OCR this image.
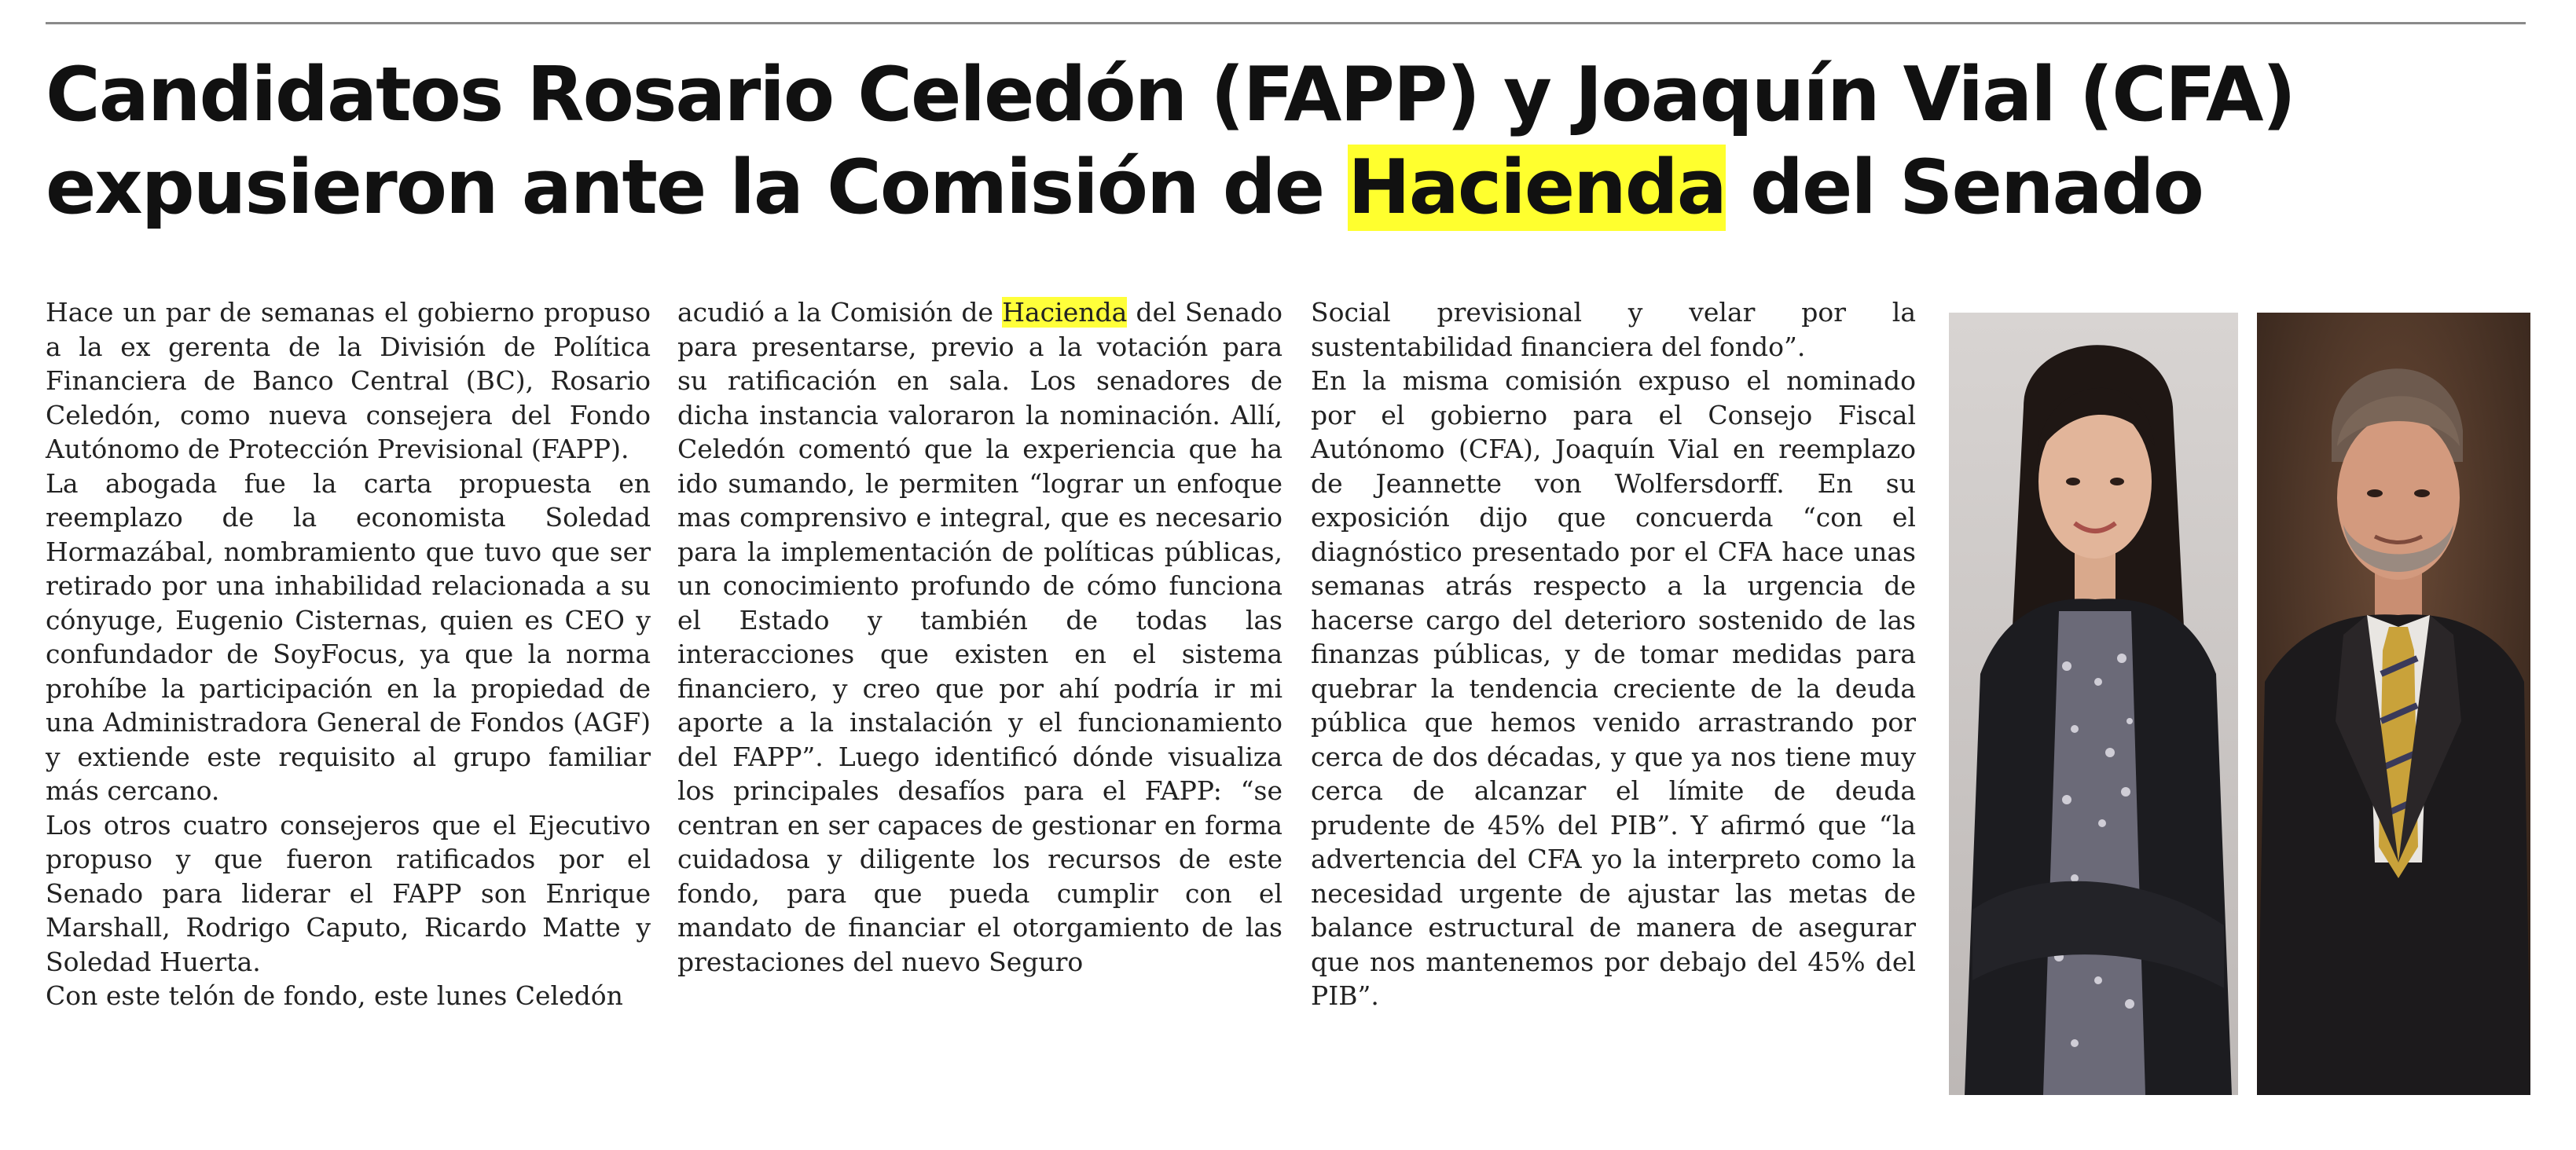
Candidatos Rosario Celedón (FAPP) y Joaquín Vial (CFA)
expusieron ante la Comisión de Hacienda del Senado

Hace un par de semanas el gobierno propuso a la ex gerenta de la División de Política Financiera de Banco Central (BC), Rosario Celedón, como nueva consejera del Fondo Autónomo de Protección Previsional (FAPP).

La abogada fue la carta propuesta en reemplazo de la economista Soledad Hormazábal, nombramiento que tuvo que ser retirado por una inhabilidad relacionada a su cónyuge, Eugenio Cisternas, quien es CEO y confundador de SoyFocus, ya que la norma prohíbe la participación en la propiedad de una Administradora General de Fondos (AGF) y extiende este requisito al grupo familiar más cercano.

Los otros cuatro consejeros que el Ejecutivo propuso y que fueron ratificados por el Senado para liderar el FAPP son Enrique Marshall, Rodrigo Caputo, Ricardo Matte y Soledad Huerta.

Con este telón de fondo, este lunes Celedón

acudió a la Comisión de Hacienda del Senado para presentarse, previo a la votación para su ratificación en sala. Los senadores de dicha instancia valoraron la nominación. Allí, Celedón comentó que la experiencia que ha ido sumando, le permiten “lograr un enfoque mas comprensivo e integral, que es necesario para la implementación de políticas públicas, un conocimiento profundo de cómo funciona el Estado y también de todas las interacciones que existen en el sistema financiero, y creo que por ahí podría ir mi aporte a la instalación y el funcionamiento del FAPP”. Luego identificó dónde visualiza los principales desafíos para el FAPP: “se centran en ser capaces de gestionar en forma cuidadosa y diligente los recursos de este fondo, para que pueda cumplir con el mandato de financiar el otorgamiento de las prestaciones del nuevo Seguro

Social previsional y velar por la sustentabilidad financiera del fondo”.

En la misma comisión expuso el nominado por el gobierno para el Consejo Fiscal Autónomo (CFA), Joaquín Vial en reemplazo de Jeannette von Wolfersdorff. En su exposición dijo que concuerda “con el diagnóstico presentado por el CFA hace unas semanas atrás respecto a la urgencia de hacerse cargo del deterioro sostenido de las finanzas públicas, y de tomar medidas para quebrar la tendencia creciente de la deuda pública que hemos venido arrastrando por cerca de dos décadas, y que ya nos tiene muy cerca de alcanzar el límite de deuda prudente de 45% del PIB”. Y afirmó que “la advertencia del CFA yo la interpreto como la necesidad urgente de ajustar las metas de balance estructural de manera de asegurar que nos mantenemos por debajo del 45% del PIB”.
